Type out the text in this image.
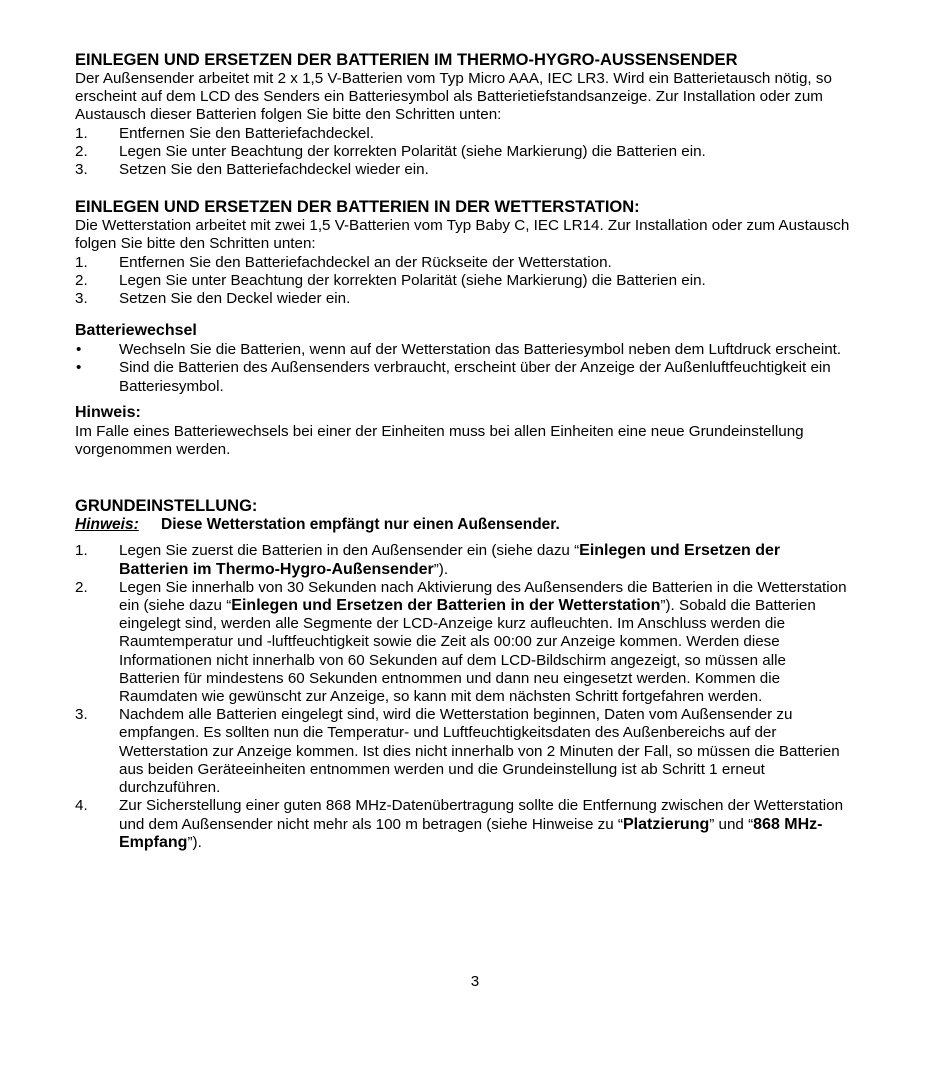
EINLEGEN UND ERSETZEN DER BATTERIEN IM THERMO-HYGRO-AUSSENSENDER

Der Außensender arbeitet mit 2 x 1,5 V-Batterien vom Typ Micro AAA, IEC LR3. Wird ein Batterietausch nötig, so erscheint auf dem LCD des Senders ein Batteriesymbol als Batterietiefstandsanzeige. Zur Installation oder zum Austausch dieser Batterien folgen Sie bitte den Schritten unten:

1. Entfernen Sie den Batteriefachdeckel.
2. Legen Sie unter Beachtung der korrekten Polarität (siehe Markierung) die Batterien ein.
3. Setzen Sie den Batteriefachdeckel wieder ein.
EINLEGEN UND ERSETZEN DER BATTERIEN IN DER WETTERSTATION:

Die Wetterstation arbeitet mit zwei 1,5 V-Batterien vom Typ Baby C, IEC LR14. Zur Installation oder zum Austausch folgen Sie bitte den Schritten unten:

1. Entfernen Sie den Batteriefachdeckel an der Rückseite der Wetterstation.
2. Legen Sie unter Beachtung der korrekten Polarität (siehe Markierung) die Batterien ein.
3. Setzen Sie den Deckel wieder ein.
Batteriewechsel
• Wechseln Sie die Batterien, wenn auf der Wetterstation das Batteriesymbol neben dem Luftdruck erscheint.
• Sind die Batterien des Außensenders verbraucht, erscheint über der Anzeige der Außenluftfeuchtigkeit ein Batteriesymbol.
Hinweis:

Im Falle eines Batteriewechsels bei einer der Einheiten muss bei allen Einheiten eine neue Grundeinstellung vorgenommen werden.

GRUNDEINSTELLUNG:

Hinweis: Diese Wetterstation empfängt nur einen Außensender.

1. Legen Sie zuerst die Batterien in den Außensender ein (siehe dazu “Einlegen und Ersetzen der Batterien im Thermo-Hygro-Außensender”).
2. Legen Sie innerhalb von 30 Sekunden nach Aktivierung des Außensenders die Batterien in die Wetterstation ein (siehe dazu “Einlegen und Ersetzen der Batterien in der Wetterstation”). Sobald die Batterien eingelegt sind, werden alle Segmente der LCD-Anzeige kurz aufleuchten. Im Anschluss werden die Raumtemperatur und -luftfeuchtigkeit sowie die Zeit als 00:00 zur Anzeige kommen. Werden diese Informationen nicht innerhalb von 60 Sekunden auf dem LCD-Bildschirm angezeigt, so müssen alle Batterien für mindestens 60 Sekunden entnommen und dann neu eingesetzt werden. Kommen die Raumdaten wie gewünscht zur Anzeige, so kann mit dem nächsten Schritt fortgefahren werden.
3. Nachdem alle Batterien eingelegt sind, wird die Wetterstation beginnen, Daten vom Außensender zu empfangen. Es sollten nun die Temperatur- und Luftfeuchtigkeitsdaten des Außenbereichs auf der Wetterstation zur Anzeige kommen. Ist dies nicht innerhalb von 2 Minuten der Fall, so müssen die Batterien aus beiden Geräteeinheiten entnommen werden und die Grundeinstellung ist ab Schritt 1 erneut durchzuführen.
4. Zur Sicherstellung einer guten 868 MHz-Datenübertragung sollte die Entfernung zwischen der Wetterstation und dem Außensender nicht mehr als 100 m betragen (siehe Hinweise zu “Platzierung” und “868 MHz-Empfang”).
3
